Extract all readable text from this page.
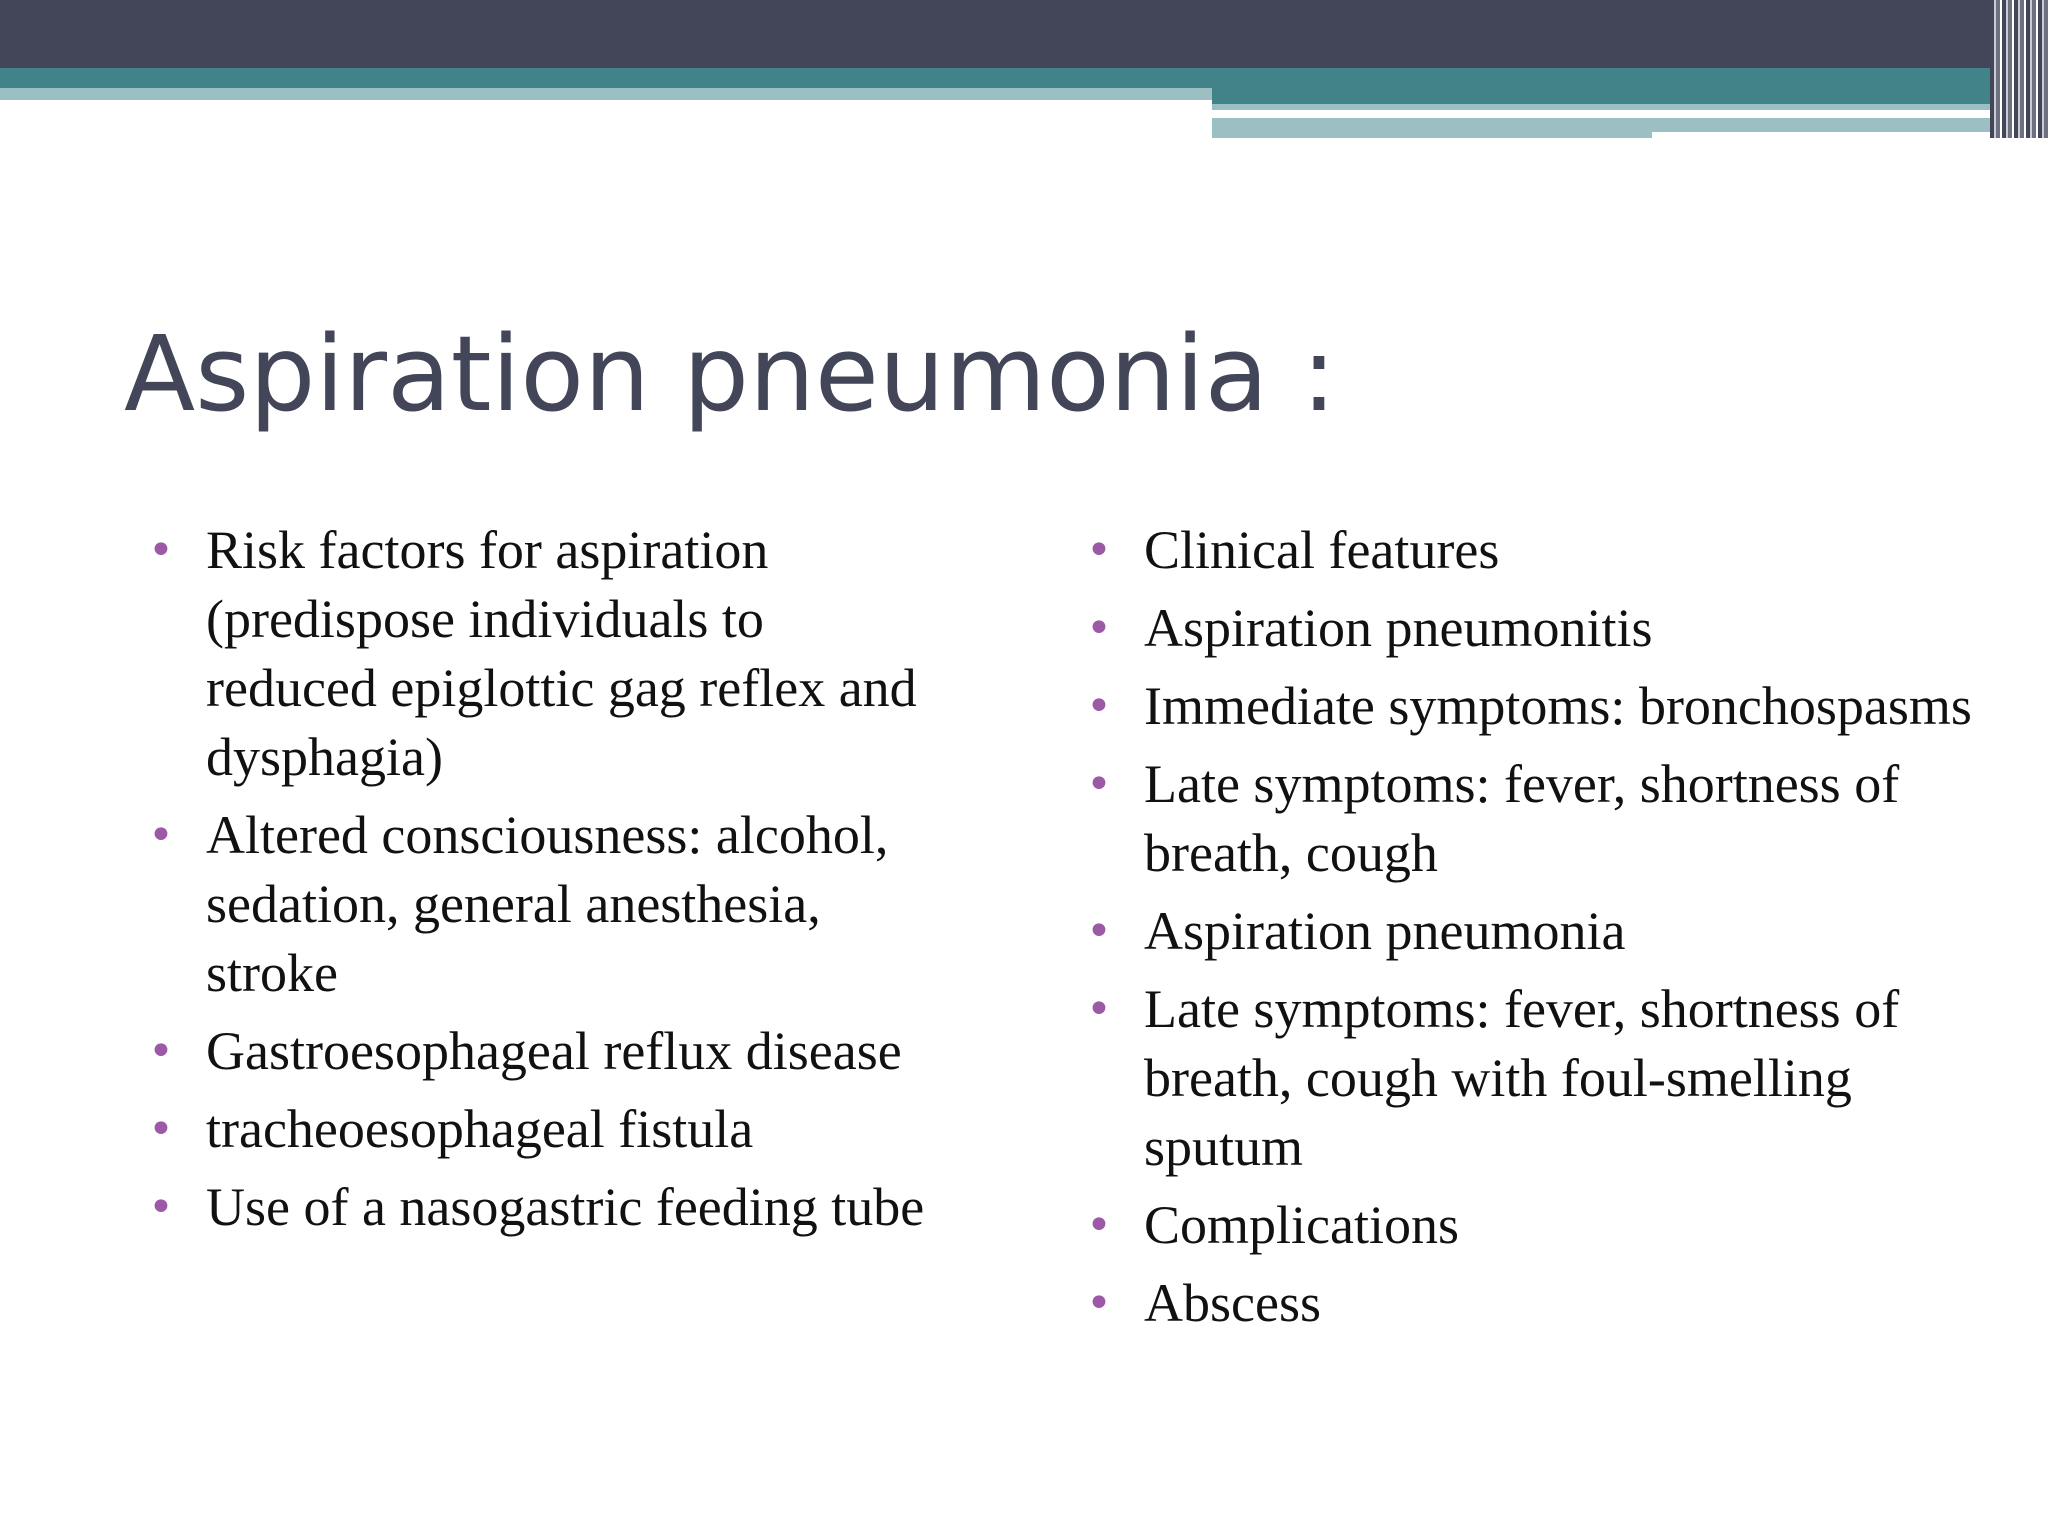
Aspiration pneumonia :
• Risk factors for aspiration (predispose individuals to reduced epiglottic gag reflex and dysphagia)
• Altered consciousness: alcohol, sedation, general anesthesia, stroke
• Gastroesophageal reflux disease
• tracheoesophageal fistula
• Use of a nasogastric feeding tube
• Clinical features
• Aspiration pneumonitis
• Immediate symptoms: bronchospasms
• Late symptoms: fever, shortness of breath, cough
• Aspiration pneumonia
• Late symptoms: fever, shortness of breath, cough with foul-smelling sputum
• Complications
• Abscess
